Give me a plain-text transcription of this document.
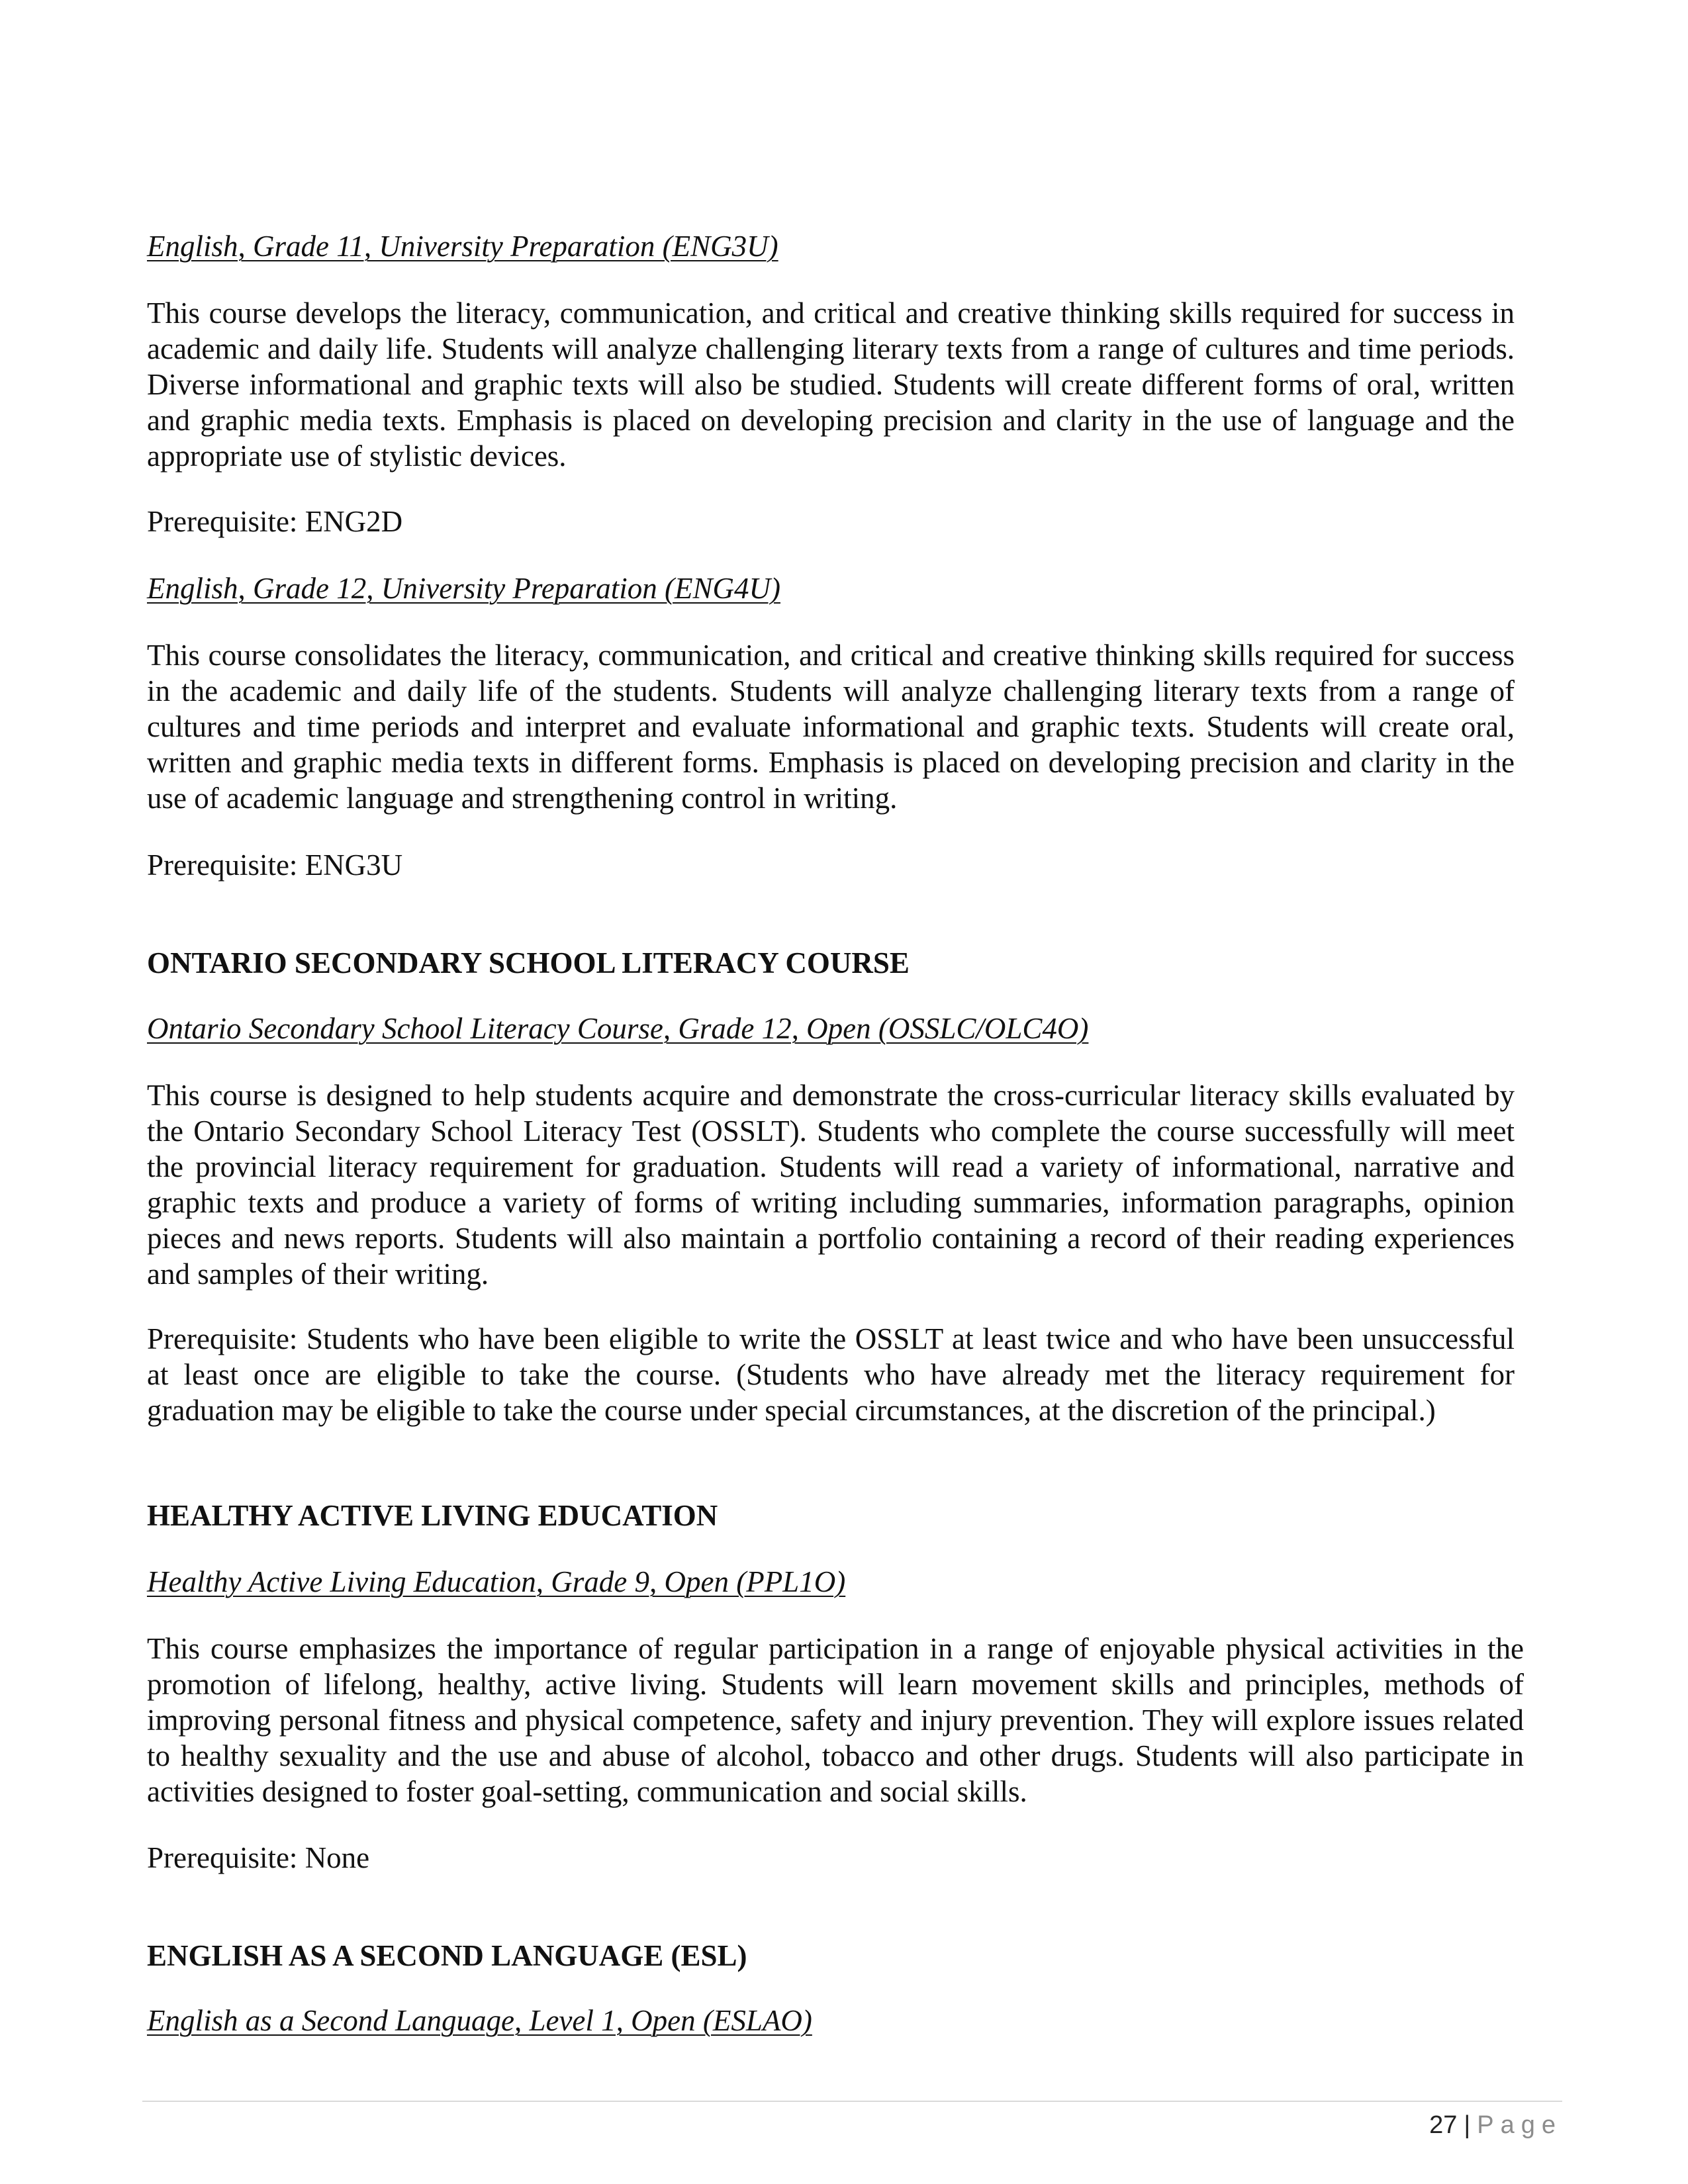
English, Grade 11, University Preparation (ENG3U)

This course develops the literacy, communication, and critical and creative thinking skills required for success in academic and daily life. Students will analyze challenging literary texts from a range of cultures and time periods. Diverse informational and graphic texts will also be studied. Students will create different forms of oral, written and graphic media texts. Emphasis is placed on developing precision and clarity in the use of language and the appropriate use of stylistic devices.

Prerequisite: ENG2D

English, Grade 12, University Preparation (ENG4U)

This course consolidates the literacy, communication, and critical and creative thinking skills required for success in the academic and daily life of the students. Students will analyze challenging literary texts from a range of cultures and time periods and interpret and evaluate informational and graphic texts. Students will create oral, written and graphic media texts in different forms. Emphasis is placed on developing precision and clarity in the use of academic language and strengthening control in writing.

Prerequisite: ENG3U

ONTARIO SECONDARY SCHOOL LITERACY COURSE

Ontario Secondary School Literacy Course, Grade 12, Open (OSSLC/OLC4O)

This course is designed to help students acquire and demonstrate the cross-curricular literacy skills evaluated by the Ontario Secondary School Literacy Test (OSSLT). Students who complete the course successfully will meet the provincial literacy requirement for graduation. Students will read a variety of informational, narrative and graphic texts and produce a variety of forms of writing including summaries, information paragraphs, opinion pieces and news reports. Students will also maintain a portfolio containing a record of their reading experiences and samples of their writing.

Prerequisite: Students who have been eligible to write the OSSLT at least twice and who have been unsuccessful at least once are eligible to take the course. (Students who have already met the literacy requirement for graduation may be eligible to take the course under special circumstances, at the discretion of the principal.)

HEALTHY ACTIVE LIVING EDUCATION

Healthy Active Living Education, Grade 9, Open (PPL1O)

This course emphasizes the importance of regular participation in a range of enjoyable physical activities in the promotion of lifelong, healthy, active living. Students will learn movement skills and principles, methods of improving personal fitness and physical competence, safety and injury prevention. They will explore issues related to healthy sexuality and the use and abuse of alcohol, tobacco and other drugs. Students will also participate in activities designed to foster goal-setting, communication and social skills.

Prerequisite: None

ENGLISH AS A SECOND LANGUAGE (ESL)

English as a Second Language, Level 1, Open (ESLAO)

27 | Page
